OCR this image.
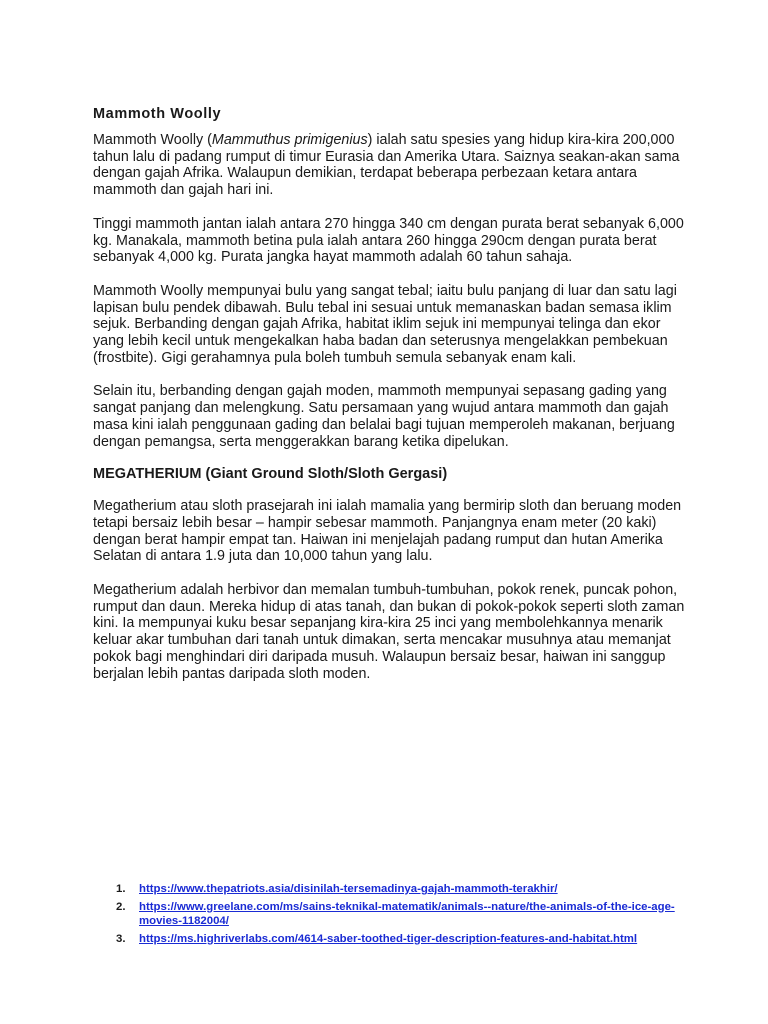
Mammoth Woolly

Mammoth Woolly (Mammuthus primigenius) ialah satu spesies yang hidup kira-kira 200,000 tahun lalu di padang rumput di timur Eurasia dan Amerika Utara. Saiznya seakan-akan sama dengan gajah Afrika. Walaupun demikian, terdapat beberapa perbezaan ketara antara mammoth dan gajah hari ini.

Tinggi mammoth jantan ialah antara 270 hingga 340 cm dengan purata berat sebanyak 6,000 kg. Manakala, mammoth betina pula ialah antara 260 hingga 290cm dengan purata berat sebanyak 4,000 kg. Purata jangka hayat mammoth adalah 60 tahun sahaja.

Mammoth Woolly mempunyai bulu yang sangat tebal; iaitu bulu panjang di luar dan satu lagi lapisan bulu pendek dibawah. Bulu tebal ini sesuai untuk memanaskan badan semasa iklim sejuk. Berbanding dengan gajah Afrika, habitat iklim sejuk ini mempunyai telinga dan ekor yang lebih kecil untuk mengekalkan haba badan dan seterusnya mengelakkan pembekuan (frostbite). Gigi gerahamnya pula boleh tumbuh semula sebanyak enam kali.

Selain itu, berbanding dengan gajah moden, mammoth mempunyai sepasang gading yang sangat panjang dan melengkung. Satu persamaan yang wujud antara mammoth dan gajah masa kini ialah penggunaan gading dan belalai bagi tujuan memperoleh makanan, berjuang dengan pemangsa, serta menggerakkan barang ketika dipelukan.

MEGATHERIUM (Giant Ground Sloth/Sloth Gergasi)

Megatherium atau sloth prasejarah ini ialah mamalia yang bermirip sloth dan beruang moden tetapi bersaiz lebih besar – hampir sebesar mammoth. Panjangnya enam meter (20 kaki) dengan berat hampir empat tan. Haiwan ini menjelajah padang rumput dan hutan Amerika Selatan di antara 1.9 juta dan 10,000 tahun yang lalu.

Megatherium adalah herbivor dan memalan tumbuh-tumbuhan, pokok renek, puncak pohon, rumput dan daun. Mereka hidup di atas tanah, dan bukan di pokok-pokok seperti sloth zaman kini. Ia mempunyai kuku besar sepanjang kira-kira 25 inci yang membolehkannya menarik keluar akar tumbuhan dari tanah untuk dimakan, serta mencakar musuhnya atau memanjat pokok bagi menghindari diri daripada musuh. Walaupun bersaiz besar, haiwan ini sanggup berjalan lebih pantas daripada sloth moden.

1. https://www.thepatriots.asia/disinilah-tersemadinya-gajah-mammoth-terakhir/
2. https://www.greelane.com/ms/sains-teknikal-matematik/animals--nature/the-animals-of-the-ice-age-movies-1182004/
3. https://ms.highriverlabs.com/4614-saber-toothed-tiger-description-features-and-habitat.html
